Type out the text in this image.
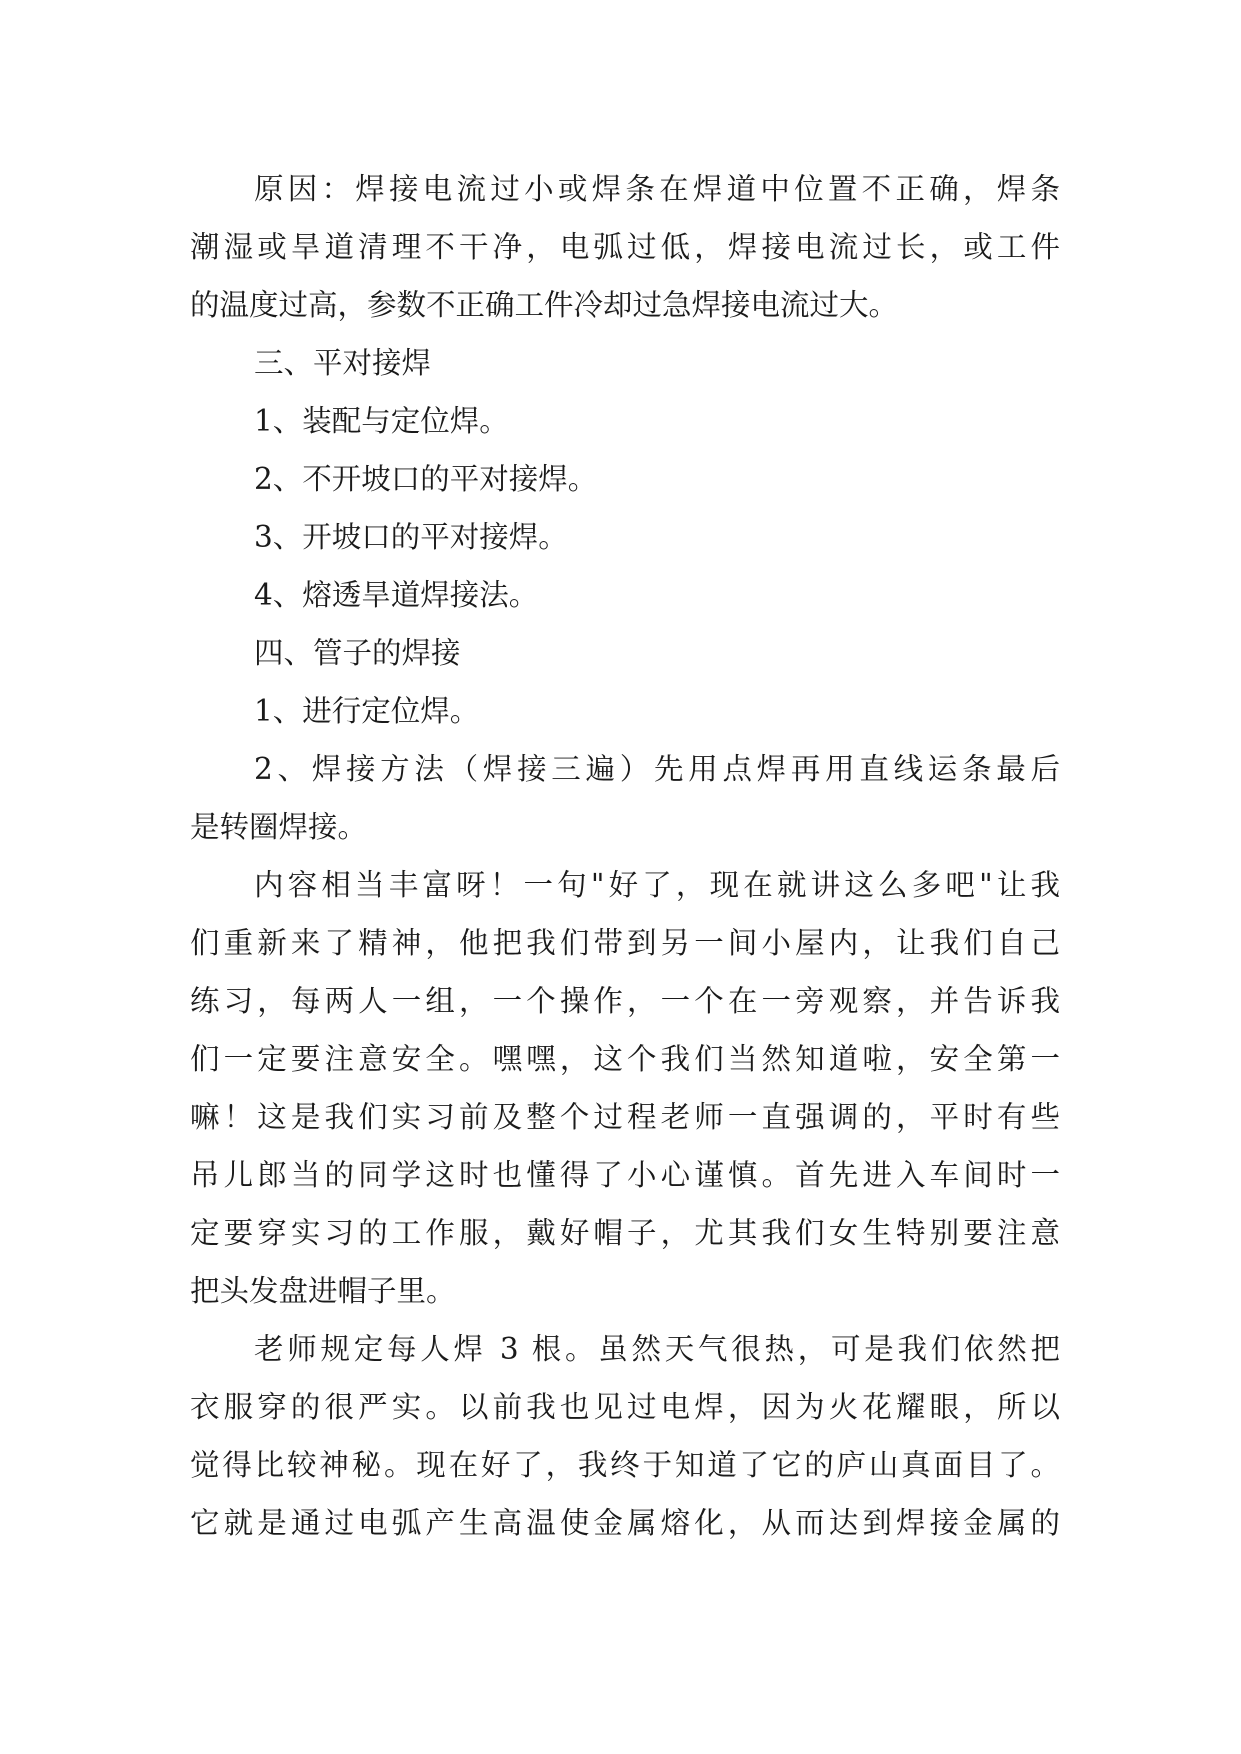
原因：焊接电流过小或焊条在焊道中位置不正确，焊条
潮湿或旱道清理不干净，电弧过低，焊接电流过长，或工件
的温度过高，参数不正确工件冷却过急焊接电流过大。
三、平对接焊
1、装配与定位焊。
2、不开坡口的平对接焊。
3、开坡口的平对接焊。
4、熔透旱道焊接法。
四、管子的焊接
1、进行定位焊。
2、焊接方法（焊接三遍）先用点焊再用直线运条最后
是转圈焊接。
内容相当丰富呀！一句"好了，现在就讲这么多吧"让我
们重新来了精神，他把我们带到另一间小屋内，让我们自己
练习，每两人一组，一个操作，一个在一旁观察，并告诉我
们一定要注意安全。嘿嘿，这个我们当然知道啦，安全第一
嘛！这是我们实习前及整个过程老师一直强调的，平时有些
吊儿郎当的同学这时也懂得了小心谨慎。首先进入车间时一
定要穿实习的工作服，戴好帽子，尤其我们女生特别要注意
把头发盘进帽子里。
老师规定每人焊 3 根。虽然天气很热，可是我们依然把
衣服穿的很严实。以前我也见过电焊，因为火花耀眼，所以
觉得比较神秘。现在好了，我终于知道了它的庐山真面目了。
它就是通过电弧产生高温使金属熔化，从而达到焊接金属的
